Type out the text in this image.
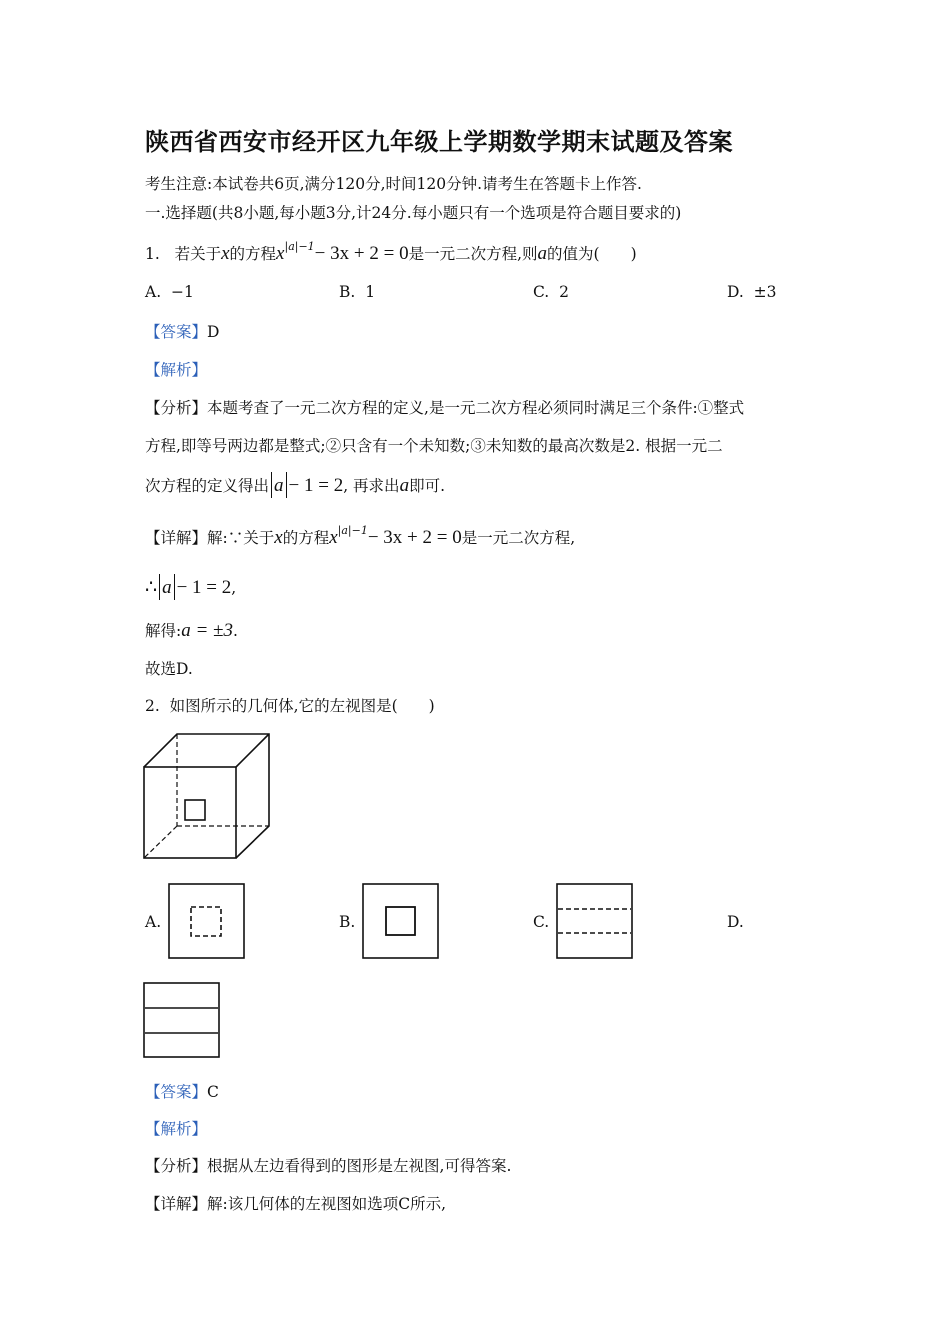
陕西省西安市经开区九年级上学期数学期末试题及答案
考生注意:本试卷共6页,满分120分,时间120分钟.请考生在答题卡上作答.
一.选择题(共8小题,每小题3分,计24分.每小题只有一个选项是符合题目要求的)
1. 若关于x的方程$x^{|a|-1}- 3x + 2 = 0$是一元二次方程,则a的值为(　　)
A. −1	B. 1	C. 2	D. ±3
【答案】D
【解析】
【分析】本题考查了一元二次方程的定义,是一元二次方程必须同时满足三个条件:①整式
方程,即等号两边都是整式;②只含有一个未知数;③未知数的最高次数是2. 根据一元二
次方程的定义得出 a − 1 = 2, 再求出a即可.
【详解】解:∵关于x的方程$x^{|a|-1}- 3x + 2 = 0$是一元二次方程,
∴ a − 1 = 2,
解得:a = ±3.
故选D.
2. 如图所示的几何体,它的左视图是(　　)
A.	B.	C.	D.
【答案】C
【解析】
【分析】根据从左边看得到的图形是左视图,可得答案.
【详解】解:该几何体的左视图如选项C所示,
